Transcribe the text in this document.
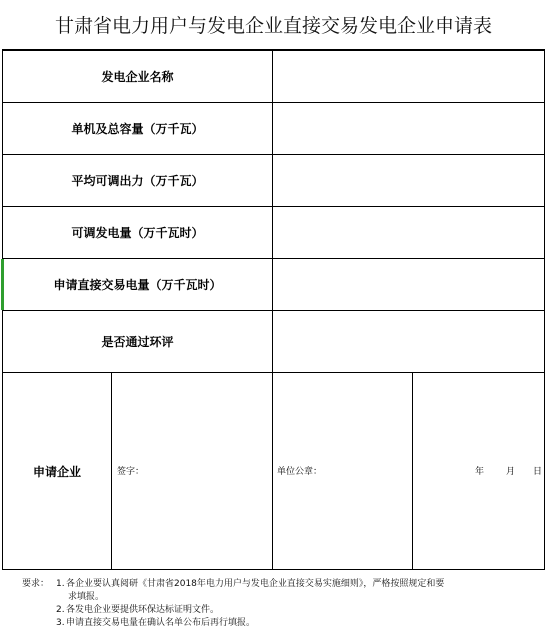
甘肃省电力用户与发电企业直接交易发电企业申请表
发电企业名称
单机及总容量（万千瓦）
平均可调出力（万千瓦）
可调发电量（万千瓦时）
申请直接交易电量（万千瓦时）
是否通过环评
申请企业	签字：	单位公章：	年 月 日
要求： 1. 各企业要认真阅研《甘肃省2018年电力用户与发电企业直接交易实施细则》，严格按照规定和要
求填报。
2. 各发电企业要提供环保达标证明文件。
3. 申请直接交易电量在确认名单公布后再行填报。
